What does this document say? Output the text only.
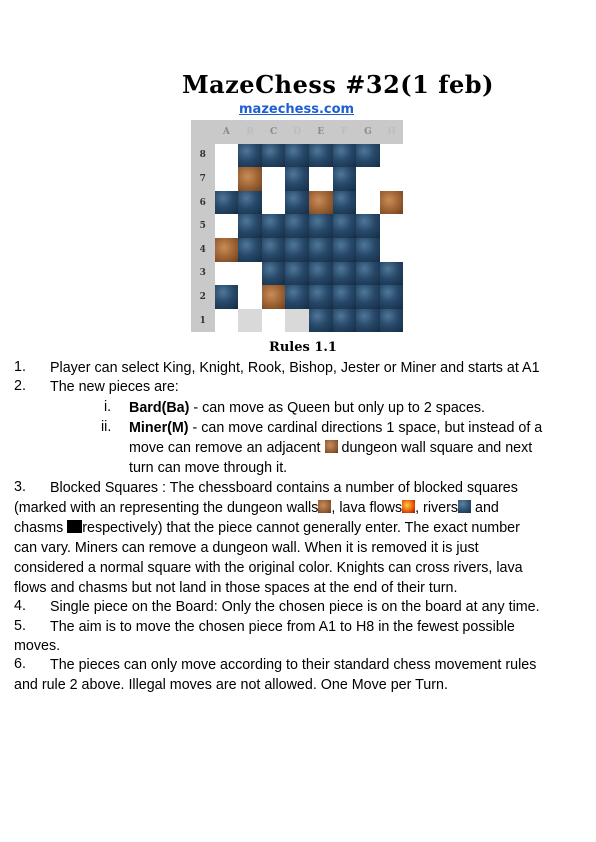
MazeChess #32(1 feb)
mazechess.com
A	B	C	D	E	F	G	H
8
7
6
5
4
3
2
1
Rules 1.1
1. Player can select King, Knight, Rook, Bishop, Jester or Miner and starts at A1
2. The new pieces are:
i. Bard(Ba) - can move as Queen but only up to 2 spaces.
ii. Miner(M) - can move cardinal directions 1 space, but instead of a
move can remove an adjacent  dungeon wall square and next
turn can move through it.
3. Blocked Squares : The chessboard contains a number of blocked squares
(marked with an representing the dungeon walls , lava flows , rivers and
chasms respectively) that the piece cannot generally enter. The exact number
can vary. Miners can remove a dungeon wall. When it is removed it is just
considered a normal square with the original color. Knights can cross rivers, lava
flows and chasms but not land in those spaces at the end of their turn.
4. Single piece on the Board: Only the chosen piece is on the board at any time.
5. The aim is to move the chosen piece from A1 to H8 in the fewest possible
moves.
6. The pieces can only move according to their standard chess movement rules
and rule 2 above. Illegal moves are not allowed. One Move per Turn.
